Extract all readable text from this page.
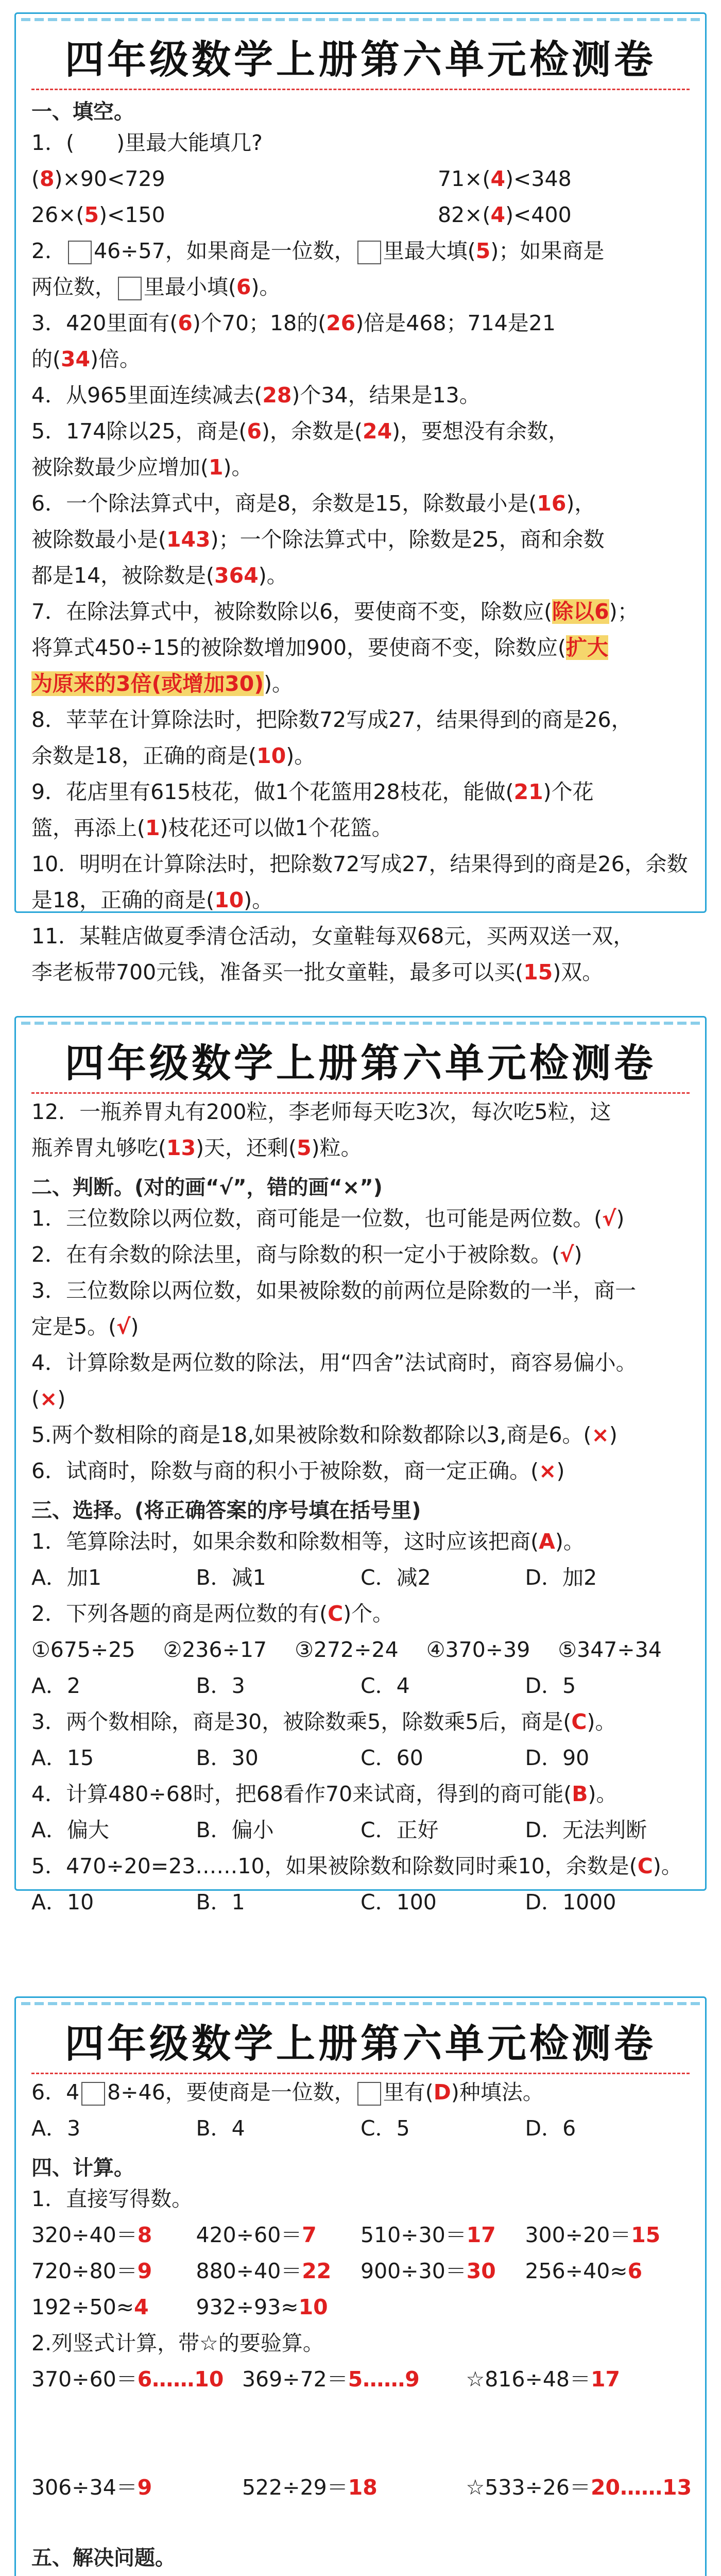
四年级数学上册第六单元检测卷
一、填空。
1．(　　)里最大能填几?
(8)×90<729	71×(4)<348
26×(5)<150	82×(4)<400
2． 46÷57，如果商是一位数， 里最大填(5)；如果商是
两位数， 里最小填(6)。
3．420里面有(6)个70；18的(26)倍是468；714是21
的(34)倍。
4．从965里面连续减去(28)个34，结果是13。
5．174除以25，商是(6)，余数是(24)，要想没有余数，
被除数最少应增加(1)。
6．一个除法算式中，商是8，余数是15，除数最小是(16)，
被除数最小是(143)；一个除法算式中，除数是25，商和余数
都是14，被除数是(364)。
7．在除法算式中，被除数除以6，要使商不变，除数应(除以6)；
将算式450÷15的被除数增加900，要使商不变，除数应(扩大
为原来的3倍(或增加30))。
8．苹苹在计算除法时，把除数72写成27，结果得到的商是26，
余数是18，正确的商是(10)。
9．花店里有615枝花，做1个花篮用28枝花，能做(21)个花
篮，再添上(1)枝花还可以做1个花篮。
10．明明在计算除法时，把除数72写成27，结果得到的商是26，余数
是18，正确的商是(10)。
11．某鞋店做夏季清仓活动，女童鞋每双68元，买两双送一双，
李老板带700元钱，准备买一批女童鞋，最多可以买(15)双。
四年级数学上册第六单元检测卷
12．一瓶养胃丸有200粒，李老师每天吃3次，每次吃5粒，这
瓶养胃丸够吃(13)天，还剩(5)粒。
二、判断。(对的画“√”，错的画“×”)
1．三位数除以两位数，商可能是一位数，也可能是两位数。(√)
2．在有余数的除法里，商与除数的积一定小于被除数。(√)
3．三位数除以两位数，如果被除数的前两位是除数的一半，商一
定是5。(√)
4．计算除数是两位数的除法，用“四舍”法试商时，商容易偏小。
(×)
5.两个数相除的商是18,如果被除数和除数都除以3,商是6。(×)
6．试商时，除数与商的积小于被除数，商一定正确。(×)
三、选择。(将正确答案的序号填在括号里)
1．笔算除法时，如果余数和除数相等，这时应该把商(A)。
A．加1	B．减1	C．减2	D．加2
2．下列各题的商是两位数的有(C)个。
①675÷25	②236÷17	③272÷24	④370÷39	⑤347÷34
A．2	B．3	C．4	D．5
3．两个数相除，商是30，被除数乘5，除数乘5后，商是(C)。
A．15	B．30	C．60	D．90
4．计算480÷68时，把68看作70来试商，得到的商可能(B)。
A．偏大	B．偏小	C．正好	D．无法判断
5．470÷20=23……10，如果被除数和除数同时乘10，余数是(C)。
A．10	B．1	C．100	D．1000
四年级数学上册第六单元检测卷
6．4 8÷46，要使商是一位数， 里有(D)种填法。
A．3	B．4	C．5	D．6
四、计算。
1．直接写得数。
320÷40＝8	420÷60＝7	510÷30＝17	300÷20＝15
720÷80＝9	880÷40＝22	900÷30＝30	256÷40≈6
192÷50≈4	932÷93≈10
2.列竖式计算，带☆的要验算。
370÷60＝6……10 369÷72＝5……9	☆816÷48＝17
306÷34＝9	522÷29＝18	☆533÷26＝20……13
五、解决问题。
